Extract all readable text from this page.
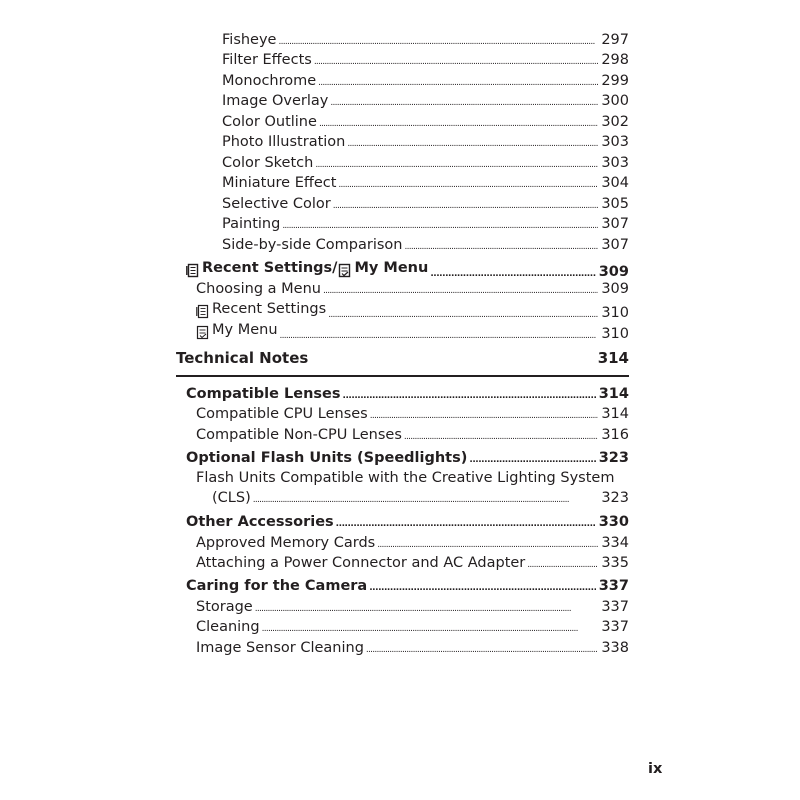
Fisheye . . .	297
Filter Effects . . .	298
Monochrome . . .	299
Image Overlay . . .	300
Color Outline . . .	302
Photo Illustration . . .	303
Color Sketch . . .	303
Miniature Effect . . .	304
Selective Color . . .	305
Painting . . .	307
Side-by-side Comparison . . .	307
Recent Settings/ My Menu . . .	309
Choosing a Menu . . .	309
Recent Settings . . .	310
My Menu . . .	310
Technical Notes	314
Compatible Lenses . . .	314
Compatible CPU Lenses . . .	314
Compatible Non-CPU Lenses . . .	316
Optional Flash Units (Speedlights) . . .	323
Flash Units Compatible with the Creative Lighting System
(CLS) . . .	323
Other Accessories . . .	330
Approved Memory Cards . . .	334
Attaching a Power Connector and AC Adapter . . .	335
Caring for the Camera . . .	337
Storage . . .	337
Cleaning . . .	337
Image Sensor Cleaning . . .	338
ix
